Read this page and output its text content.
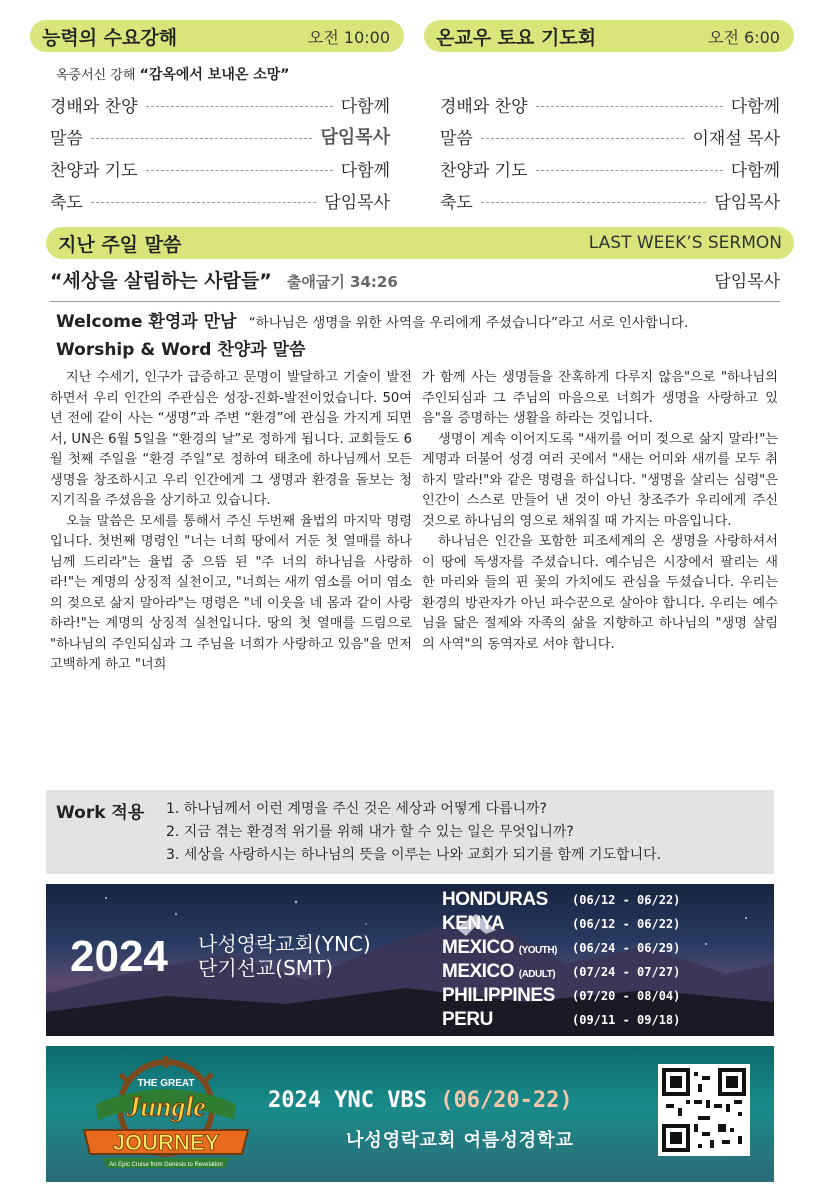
능력의 수요강해	오전 10:00 온교우 토요 기도회	오전 6:00
옥중서신 강해 “감옥에서 보내온 소망”
경배와 찬양	다함께
말씀	담임목사
찬양과 기도	다함께
축도	담임목사
경배와 찬양	다함께
말씀	이재설 목사
찬양과 기도	다함께
축도	담임목사
지난 주일 말씀	LAST WEEK’S SERMON
“세상을 살림하는 사람들” 출애굽기 34:26	담임목사
Welcome 환영과 만남 “하나님은 생명을 위한 사역을 우리에게 주셨습니다”라고 서로 인사합니다.
Worship & Word 찬양과 말씀

지난 수세기, 인구가 급증하고 문명이 발달하고 기술이 발전하면서 우리 인간의 주관심은 성장-진화-발전이었습니다. 50여년 전에 같이 사는 “생명”과 주변 “환경”에 관심을 가지게 되면서, UN은 6월 5일을 “환경의 날”로 정하게 됩니다. 교회들도 6월 첫째 주일을 “환경 주일”로 정하여 태초에 하나님께서 모든 생명을 창조하시고 우리 인간에게 그 생명과 환경을 돌보는 청지기직을 주셨음을 상기하고 있습니다.

오늘 말씀은 모세를 통해서 주신 두번째 율법의 마지막 명령입니다. 첫번째 명령인 "너는 너희 땅에서 거둔 첫 열매를 하나님께 드리라"는 율법 중 으뜸 된 "주 너의 하나님을 사랑하라!"는 계명의 상징적 실천이고, "너희는 새끼 염소를 어미 염소의 젖으로 삶지 말아라"는 명령은 "네 이웃을 네 몸과 같이 사랑하라!"는 계명의 상징적 실천입니다. 땅의 첫 열매를 드림으로 "하나님의 주인되심과 그 주님을 너희가 사랑하고 있음"을 먼저 고백하게 하고 "너희

가 함께 사는 생명들을 잔혹하게 다루지 않음"으로 "하나님의 주인되심과 그 주님의 마음으로 너희가 생명을 사랑하고 있음"을 증명하는 생활을 하라는 것입니다.

생명이 계속 이어지도록 "새끼를 어미 젖으로 삶지 말라!"는 계명과 더불어 성경 여러 곳에서 "새는 어미와 새끼를 모두 취하지 말라!"와 같은 명령을 하십니다. "생명을 살리는 심령"은 인간이 스스로 만들어 낸 것이 아닌 창조주가 우리에게 주신 것으로 하나님의 영으로 채워질 때 가지는 마음입니다.

하나님은 인간을 포함한 피조세계의 온 생명을 사랑하셔서 이 땅에 독생자를 주셨습니다. 예수님은 시장에서 팔리는 새 한 마리와 들의 핀 꽃의 가치에도 관심을 두셨습니다. 우리는 환경의 방관자가 아닌 파수꾼으로 살아야 합니다. 우리는 예수님을 닮은 절제와 자족의 삶을 지향하고 하나님의 "생명 살림의 사역"의 동역자로 서야 합니다.

Work 적용	1. 하나님께서 이런 계명을 주신 것은 세상과 어떻게 다릅니까?
2. 지금 겪는 환경적 위기를 위해 내가 할 수 있는 일은 무엇입니까?
3. 세상을 사랑하시는 하나님의 뜻을 이루는 나와 교회가 되기를 함께 기도합니다.
2024 나성영락교회(YNC)
단기선교(SMT)
HONDURAS	(06/12 - 06/22)
KENYA	(06/12 - 06/22)
MEXICO (YOUTH)	(06/24 - 06/29)
MEXICO (ADULT)	(07/24 - 07/27)
PHILIPPINES	(07/20 - 08/04)
PERU	(09/11 - 09/18)
THE GREAT
Jungle
JOURNEY
An Epic Cruise from Genesis to Revelation
2024 YNC VBS (06/20-22)
나성영락교회 여름성경학교
